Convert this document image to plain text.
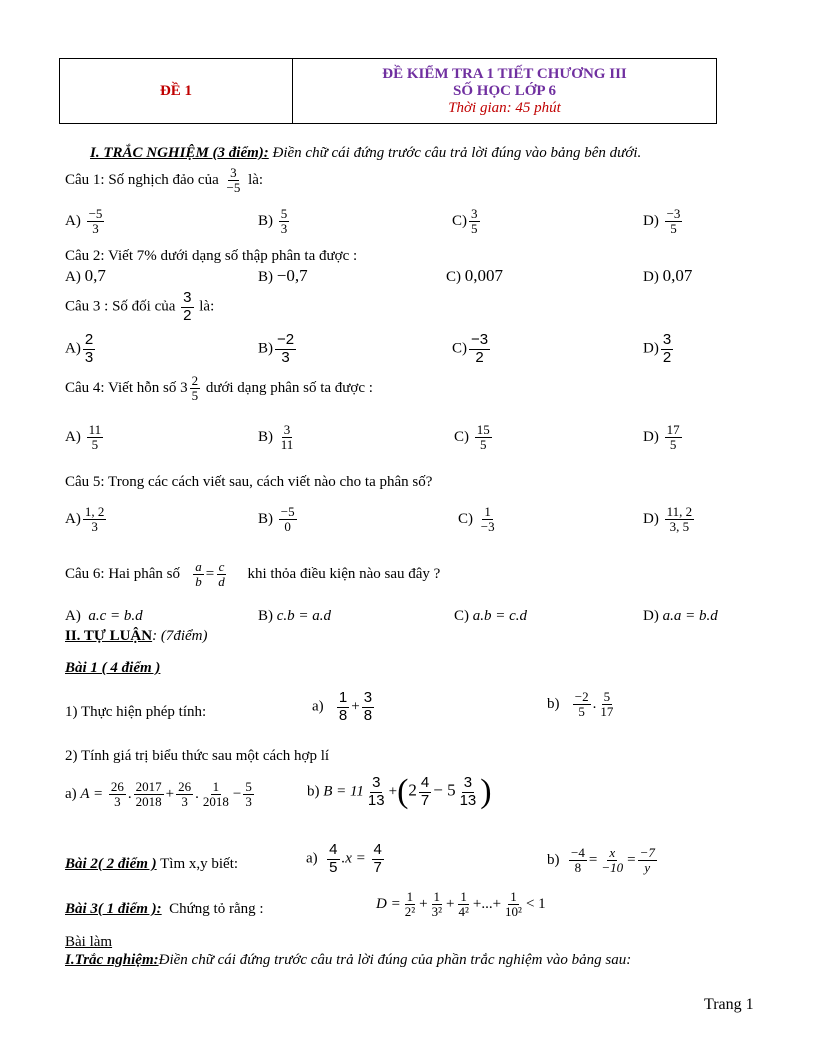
ĐỀ 1	
ĐỀ KIỂM TRA 1 TIẾT CHƯƠNG III
SỐ HỌC LỚP 6
Thời gian: 45 phút
I. TRẮC NGHIỆM (3 điểm): Điền chữ cái đứng trước câu trả lời đúng vào bảng bên dưới.
Câu 1: Số nghịch đảo của $\frac{3}{-5}$ là:
$A) \frac{-5}{3}$	$B) \frac{5}{3}$	$C) \frac{3}{5}$	$D) \frac{-3}{5}$
Câu 2: Viết 7% dưới dạng số thập phân ta được :
A) 0,7	B) −0,7	C) 0,007	D) 0,07
Câu 3 : Số đối của $\frac{3}{2}$ là:
$A) \frac{2}{3}$	$B) \frac{-2}{3}$	$C) \frac{-3}{2}$	$D) \frac{3}{2}$
Câu 4: Viết hỗn số $3 \frac{2}{5}$ dưới dạng phân số ta được :
$A) \frac{11}{5}$	$B) \frac{3}{11}$	$C) \frac{15}{5}$	$D) \frac{17}{5}$
Câu 5: Trong các cách viết sau, cách viết nào cho ta phân số?
$A) \frac{1, 2}{3}$	$B) \frac{-5}{0}$	$C) \frac{1}{-3}$	$D) \frac{11, 2}{3, 5}$
Câu 6: Hai phân số $\frac{a}{b} = \frac{c}{d}$ khi thỏa điều kiện nào sau đây ?
A) a.c = b.d	B) c.b = a.d	C) a.b = c.d	D) a.a = b.d
II. TỰ LUẬN: (7điểm)
Bài 1 ( 4 điểm )
1) Thực hiện phép tính:	$a) \frac{1}{8} + \frac{3}{8}$	$b) \frac{-2}{5}$ . $\frac{5}{17}$
2) Tính giá trị biểu thức sau một cách hợp lí
a) $A = \frac{26}{3}$ . $\frac{2017}{2018} + \frac{26}{3}$ . $\frac{1}{2018} - \frac{5}{3}$	b) $B = 11 \frac{3}{13} +(2 \frac{4}{7} - 5 \frac{3}{13}$ )
Bài 2( 2 điểm ) Tìm x,y biết:	$a) \frac{4}{5} .x = \frac{4}{7}$	$b) \frac{-4}{8} = \frac{x}{-10} = \frac{-7}{y}$
Bài 3( 1 điểm ): Chứng tỏ rằng :	$D = \frac{1}{\text{2²}} + \frac{1}{\text{3²}} + \frac{1}{\text{4²}}$ +...+ $\frac{1}{\text{10²}} < 1$
Bài làm
I.Trắc nghiệm:Điền chữ cái đứng trước câu trả lời đúng của phần trắc nghiệm vào bảng sau:
Trang 1
